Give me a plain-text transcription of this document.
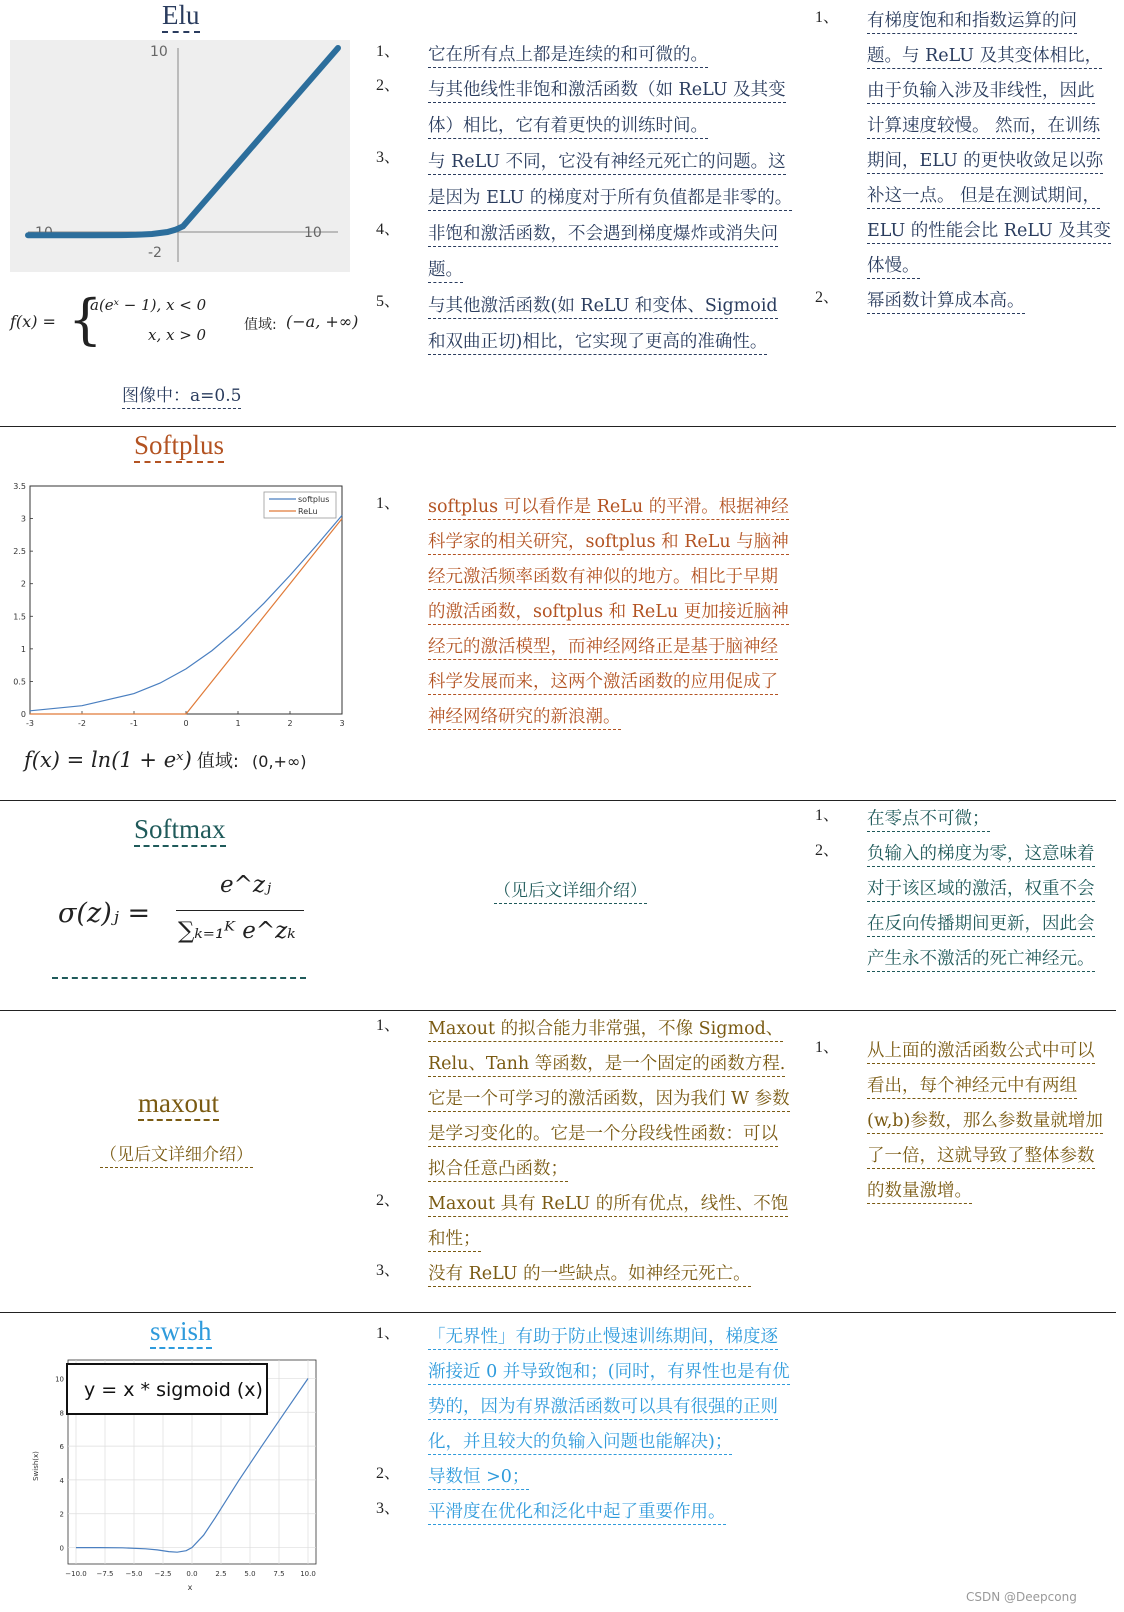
Elu
10
-2
-10	10
f(x) = {
a(eˣ − 1), x < 0
x, x > 0
值域: (−a, +∞)
图像中：a=0.5
1、 它在所有点上都是连续的和可微的。
2、 与其他线性非饱和激活函数（如 ReLU 及其变体）相比，它有着更快的训练时间。
3、 与 ReLU 不同，它没有神经元死亡的问题。这是因为 ELU 的梯度对于所有负值都是非零的。
4、 非饱和激活函数，不会遇到梯度爆炸或消失问题。
5、 与其他激活函数(如 ReLU 和变体、Sigmoid 和双曲正切)相比，它实现了更高的准确性。
1、 有梯度饱和和指数运算的问题。与 ReLU 及其变体相比，由于负输入涉及非线性，因此计算速度较慢。 然而，在训练期间，ELU 的更快收敛足以弥补这一点。 但是在测试期间，ELU 的性能会比 ReLU 及其变体慢。
2、 幂函数计算成本高。
Softplus
-3	-2	-1	0	1	2	3
0
0.5
1
1.5
2
2.5
3
3.5
softplus
ReLu
f(x) = ln(1 + eˣ) 值域: (0,+∞)
1、 softplus 可以看作是 ReLu 的平滑。根据神经科学家的相关研究，softplus 和 ReLu 与脑神经元激活频率函数有神似的地方。相比于早期的激活函数，softplus 和 ReLu 更加接近脑神经元的激活模型，而神经网络正是基于脑神经科学发展而来，这两个激活函数的应用促成了神经网络研究的新浪潮。
Softmax
σ(z)ⱼ =
e^zⱼ
∑ₖ₌₁ᴷ e^zₖ
（见后文详细介绍）
1、 在零点不可微；
2、 负输入的梯度为零，这意味着对于该区域的激活，权重不会在反向传播期间更新，因此会产生永不激活的死亡神经元。
maxout
（见后文详细介绍）
1、 Maxout 的拟合能力非常强，不像 Sigmod、Relu、Tanh 等函数，是一个固定的函数方程.它是一个可学习的激活函数，因为我们 W 参数是学习变化的。它是一个分段线性函数：可以拟合任意凸函数；
2、 Maxout 具有 ReLU 的所有优点，线性、不饱和性；
3、 没有 ReLU 的一些缺点。如神经元死亡。
1、 从上面的激活函数公式中可以看出，每个神经元中有两组(w,b)参数，那么参数量就增加了一倍，这就导致了整体参数的数量激增。
swish
−10.0 −7.5 −5.0 −2.5 0.0	2.5	5.0	7.5 10.0
0
2
4
6
8
10
Swish(x)
x
y = x * sigmoid (x)
1、 「无界性」有助于防止慢速训练期间，梯度逐渐接近 0 并导致饱和；(同时，有界性也是有优势的，因为有界激活函数可以具有很强的正则化，并且较大的负输入问题也能解决)；
2、 导数恒 >0；
3、 平滑度在优化和泛化中起了重要作用。
CSDN @Deepcong
